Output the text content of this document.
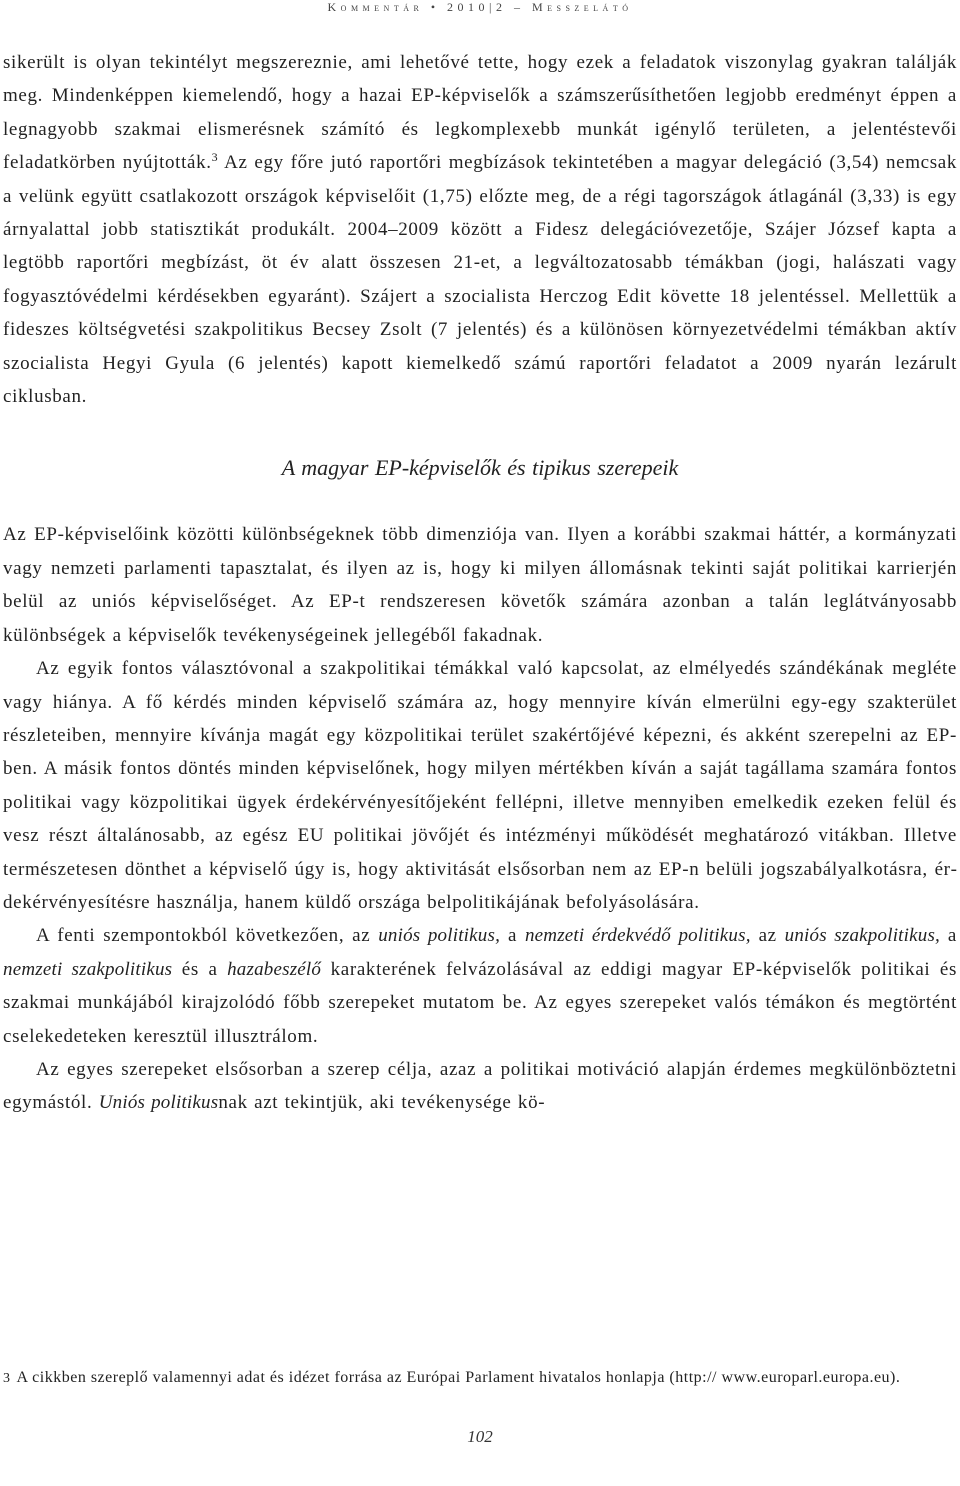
Kommentár • 2010|2 – Messzelátó

sikerült is olyan tekintélyt megszereznie, ami lehetővé tette, hogy ezek a feladatok viszonylag gyakran találják meg. Mindenképpen kiemelendő, hogy a hazai EP-képviselők a számszerűsíthetően legjobb eredményt éppen a legnagyobb szakmai elismerésnek számító és legkomplexebb munkát igénylő területen, a jelentéstevői feladatkörben nyújtották.$^3$ Az egy főre jutó raportőri megbízások tekintetében a magyar delegáció (3,54) nemcsak a velünk együtt csatlakozott országok képviselőit (1,75) előzte meg, de a régi tagországok átlagánál (3,33) is egy árnyalattal jobb statisztikát produkált. 2004–2009 között a Fidesz delegációvezetője, Szájer József kapta a legtöbb raportőri megbízást, öt év alatt összesen 21-et, a legváltozatosabb témákban (jogi, halászati vagy fogyasztóvédelmi kérdésekben egyaránt). Szájert a szocialista Herczog Edit követte 18 jelentéssel. Mellettük a fideszes költségvetési szakpolitikus Becsey Zsolt (7 jelentés) és a különösen környezetvédelmi témákban aktív szocialista Hegyi Gyula (6 jelentés) kapott kiemelkedő számú raportőri feladatot a 2009 nyarán lezárult ciklusban.

A magyar EP-képviselők és tipikus szerepeik

Az EP-képviselőink közötti különbségeknek több dimenziója van. Ilyen a korábbi szakmai háttér, a kormányzati vagy nemzeti parlamenti tapasztalat, és ilyen az is, hogy ki milyen állomásnak tekinti saját politikai karrierjén belül az uniós képviselőséget. Az EP-t rendszeresen követők számára azonban a talán leglátványosabb különbségek a képviselők tevékenységeinek jellegéből fakadnak.

Az egyik fontos választóvonal a szakpolitikai témákkal való kapcsolat, az elmélyedés szándékának megléte vagy hiánya. A fő kérdés minden képviselő számára az, hogy mennyire kíván elmerülni egy-egy szakterület részleteiben, mennyire kívánja magát egy közpolitikai terület szakértőjévé képezni, és akként szerepelni az EP-ben. A másik fontos döntés minden képviselőnek, hogy milyen mértékben kíván a saját tagállama szamára fontos politikai vagy közpolitikai ügyek érdekérvényesítőjeként fellépni, illetve mennyiben emelkedik ezeken felül és vesz részt általánosabb, az egész EU politikai jövőjét és intézményi működését meghatározó vitákban. Illetve természetesen dönthet a képviselő úgy is, hogy aktivitását elsősorban nem az EP-n belüli jogszabályalkotásra, érdekérvényesítésre használja, hanem küldő országa belpolitikájának befolyásolására.

A fenti szempontokból következően, az uniós politikus, a nemzeti érdekvédő politikus, az uniós szakpolitikus, a nemzeti szakpolitikus és a hazabeszélő karakterének felvázolásával az eddigi magyar EP-képviselők politikai és szakmai munkájából kirajzolódó főbb szerepeket mutatom be. Az egyes szerepeket valós témákon és megtörtént cselekedeteken keresztül illusztrálom.

Az egyes szerepeket elsősorban a szerep célja, azaz a politikai motiváció alapján érdemes megkülönböztetni egymástól. Uniós politikusnak azt tekintjük, aki tevékenysége kö-

3 A cikkben szereplő valamennyi adat és idézet forrása az Európai Parlament hivatalos honlapja (http:// www.europarl.europa.eu).
102
